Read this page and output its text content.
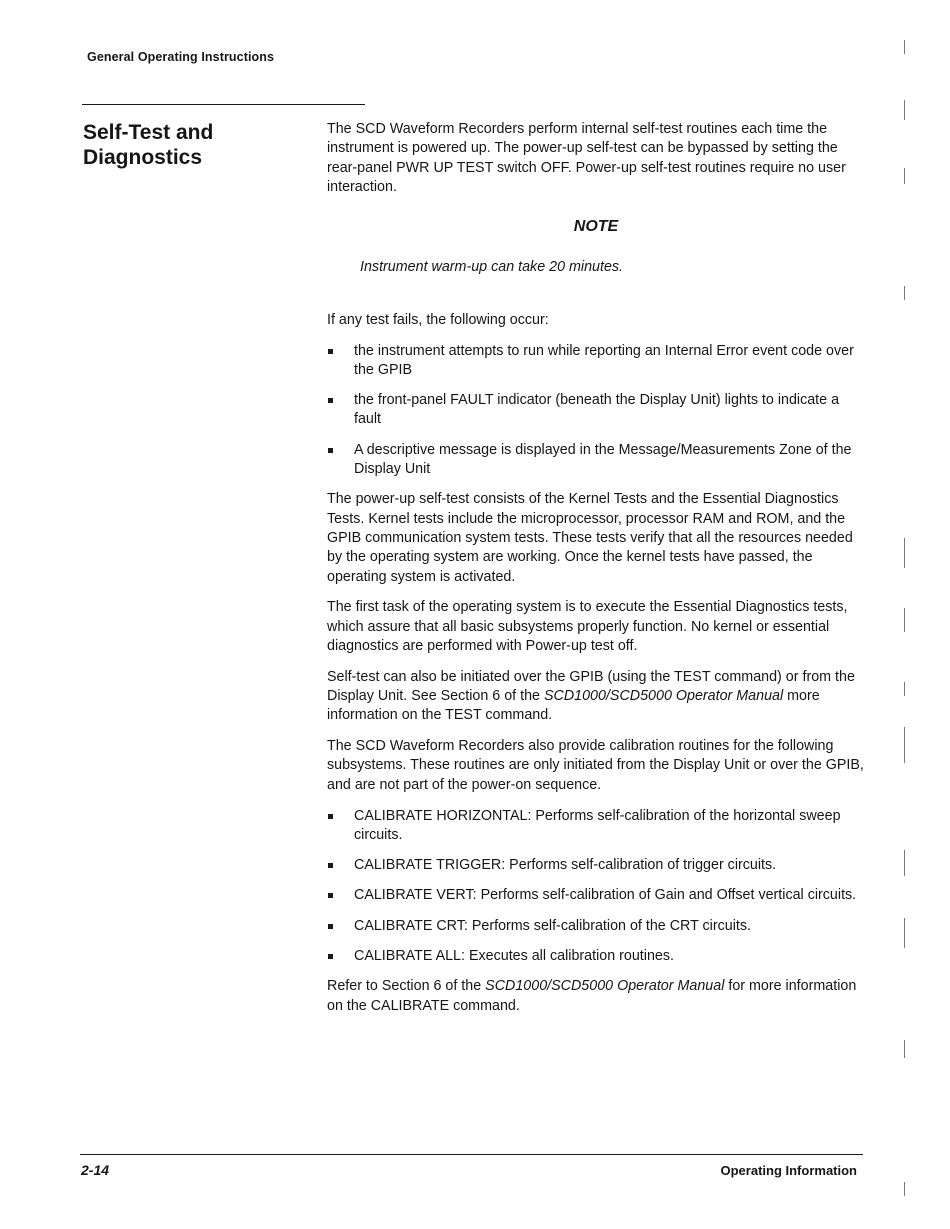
General Operating Instructions
Self-Test and Diagnostics

The SCD Waveform Recorders perform internal self-test routines each time the instrument is powered up. The power-up self-test can be bypassed by setting the rear-panel PWR UP TEST switch OFF. Power-up self-test routines require no user interaction.

NOTE

Instrument warm-up can take 20 minutes.

If any test fails, the following occur:

the instrument attempts to run while reporting an Internal Error event code over the GPIB
the front-panel FAULT indicator (beneath the Display Unit) lights to indicate a fault
A descriptive message is displayed in the Message/Measurements Zone of the Display Unit

The power-up self-test consists of the Kernel Tests and the Essential Diagnostics Tests. Kernel tests include the microprocessor, processor RAM and ROM, and the GPIB communication system tests. These tests verify that all the resources needed by the operating system are working. Once the kernel tests have passed, the operating system is activated.

The first task of the operating system is to execute the Essential Diagnostics tests, which assure that all basic subsystems properly function. No kernel or essential diagnostics are performed with Power-up test off.

Self-test can also be initiated over the GPIB (using the TEST command) or from the Display Unit. See Section 6 of the SCD1000/SCD5000 Operator Manual more information on the TEST command.

The SCD Waveform Recorders also provide calibration routines for the following subsystems. These routines are only initiated from the Display Unit or over the GPIB, and are not part of the power-on sequence.

CALIBRATE HORIZONTAL: Performs self-calibration of the horizontal sweep circuits.
CALIBRATE TRIGGER: Performs self-calibration of trigger circuits.
CALIBRATE VERT: Performs self-calibration of Gain and Offset vertical circuits.
CALIBRATE CRT: Performs self-calibration of the CRT circuits.
CALIBRATE ALL: Executes all calibration routines.

Refer to Section 6 of the SCD1000/SCD5000 Operator Manual for more information on the CALIBRATE command.

2-14	Operating Information
